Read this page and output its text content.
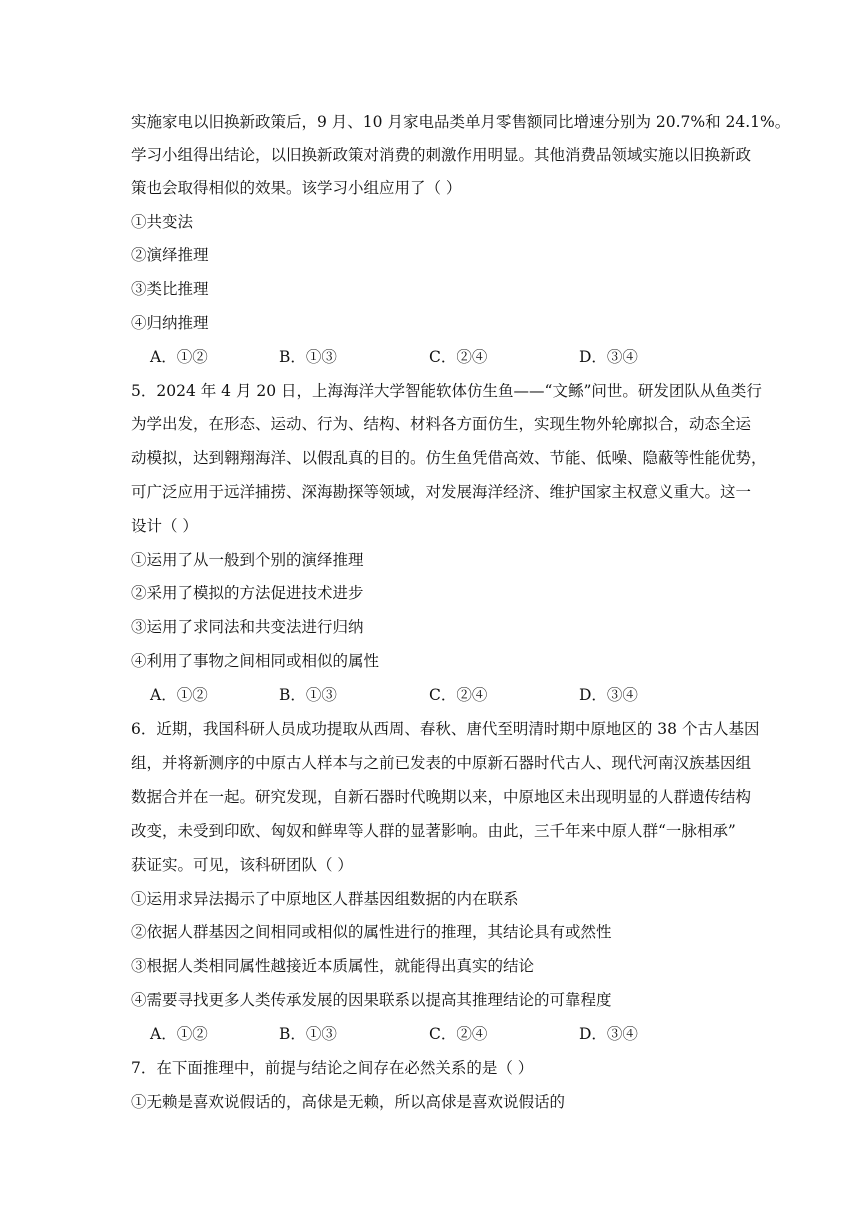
实施家电以旧换新政策后，9 月、10 月家电品类单月零售额同比增速分别为 20.7%和 24.1%。
学习小组得出结论，以旧换新政策对消费的刺激作用明显。其他消费品领域实施以旧换新政
策也会取得相似的效果。该学习小组应用了（ ）
①共变法
②演绎推理
③类比推理
④归纳推理
A．①②	B．①③	C．②④	D．③④
5．2024 年 4 月 20 日，上海海洋大学智能软体仿生鱼——“文鲧”问世。研发团队从鱼类行
为学出发，在形态、运动、行为、结构、材料各方面仿生，实现生物外轮廓拟合，动态全运
动模拟，达到翱翔海洋、以假乱真的目的。仿生鱼凭借高效、节能、低噪、隐蔽等性能优势，
可广泛应用于远洋捕捞、深海勘探等领域，对发展海洋经济、维护国家主权意义重大。这一
设计（ ）
①运用了从一般到个别的演绎推理
②采用了模拟的方法促进技术进步
③运用了求同法和共变法进行归纳
④利用了事物之间相同或相似的属性
A．①②	B．①③	C．②④	D．③④
6．近期，我国科研人员成功提取从西周、春秋、唐代至明清时期中原地区的 38 个古人基因
组，并将新测序的中原古人样本与之前已发表的中原新石器时代古人、现代河南汉族基因组
数据合并在一起。研究发现，自新石器时代晚期以来，中原地区未出现明显的人群遗传结构
改变，未受到印欧、匈奴和鲜卑等人群的显著影响。由此，三千年来中原人群“一脉相承”
获证实。可见，该科研团队（ ）
①运用求异法揭示了中原地区人群基因组数据的内在联系
②依据人群基因之间相同或相似的属性进行的推理，其结论具有或然性
③根据人类相同属性越接近本质属性，就能得出真实的结论
④需要寻找更多人类传承发展的因果联系以提高其推理结论的可靠程度
A．①②	B．①③	C．②④	D．③④
7．在下面推理中，前提与结论之间存在必然关系的是（ ）
①无赖是喜欢说假话的，高俅是无赖，所以高俅是喜欢说假话的
